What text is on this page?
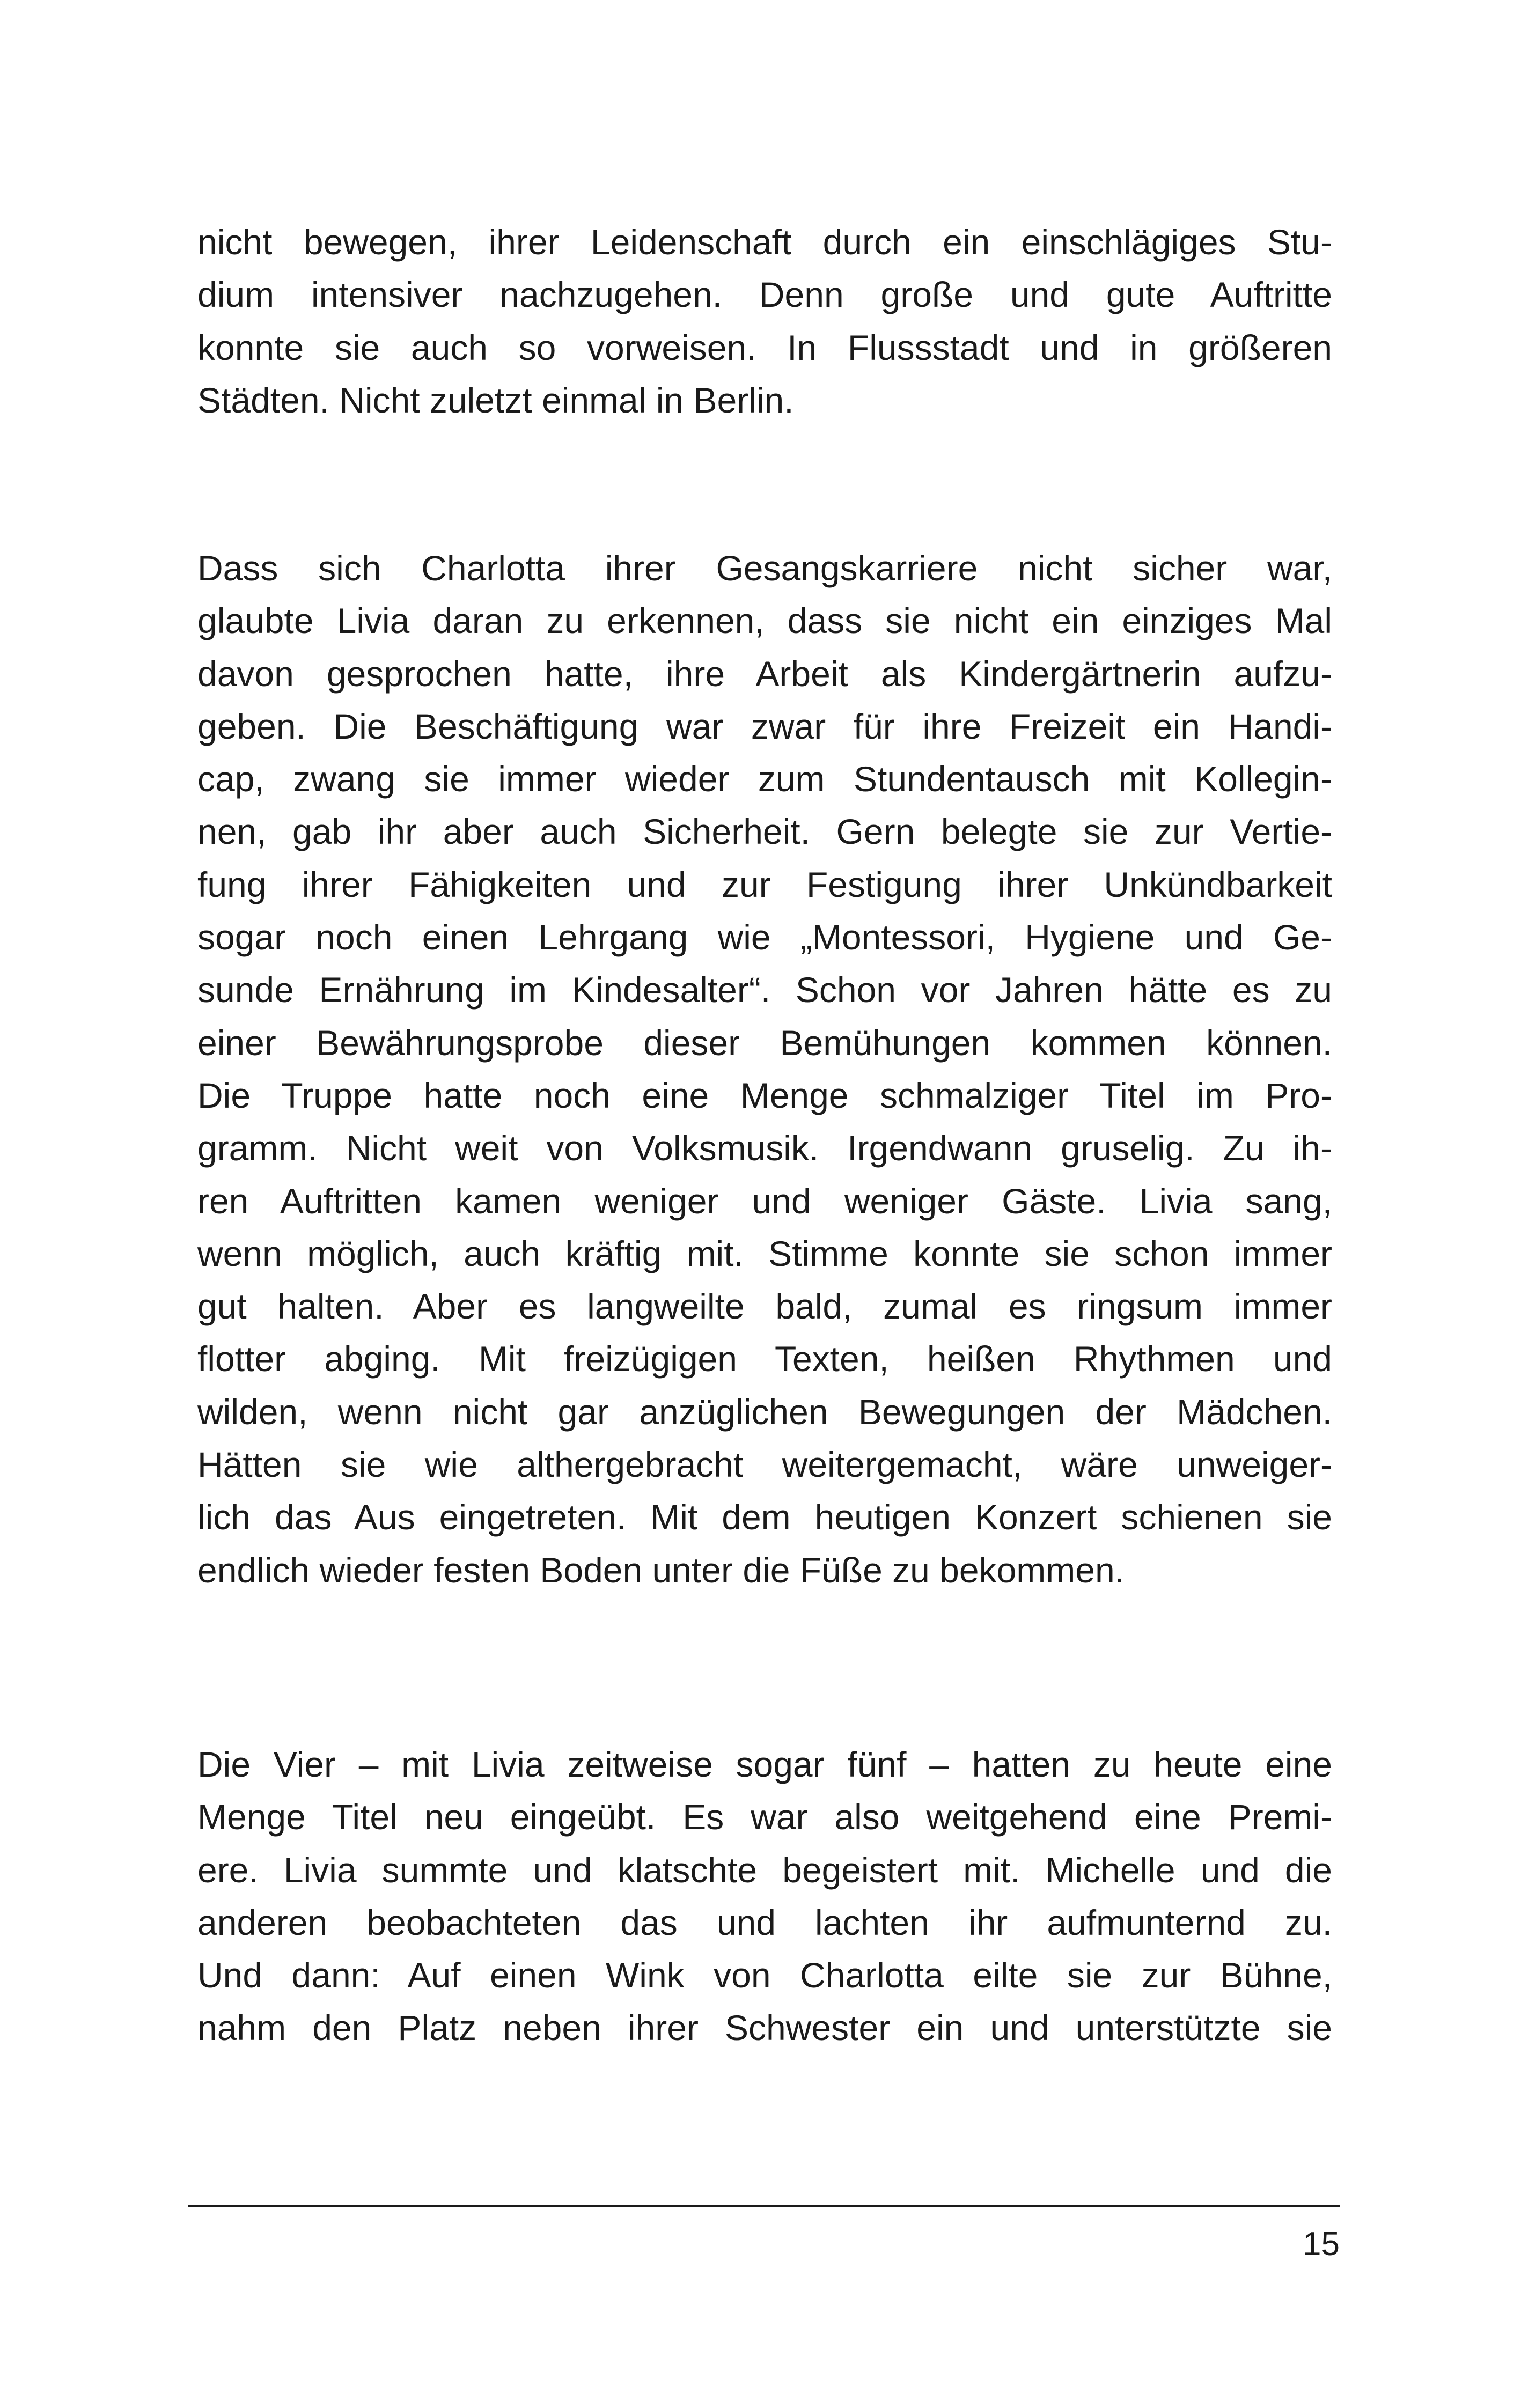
nicht bewegen, ihrer Leidenschaft durch ein einschlägiges Stu-
dium intensiver nachzugehen. Denn große und gute Auftritte
konnte sie auch so vorweisen. In Flussstadt und in größeren
Städten. Nicht zuletzt einmal in Berlin.

Dass sich Charlotta ihrer Gesangskarriere nicht sicher war,
glaubte Livia daran zu erkennen, dass sie nicht ein einziges Mal
davon gesprochen hatte, ihre Arbeit als Kindergärtnerin aufzu-
geben. Die Beschäftigung war zwar für ihre Freizeit ein Handi-
cap, zwang sie immer wieder zum Stundentausch mit Kollegin-
nen, gab ihr aber auch Sicherheit. Gern belegte sie zur Vertie-
fung ihrer Fähigkeiten und zur Festigung ihrer Unkündbarkeit
sogar noch einen Lehrgang wie „Montessori, Hygiene und Ge-
sunde Ernährung im Kindesalter“. Schon vor Jahren hätte es zu
einer Bewährungsprobe dieser Bemühungen kommen können.
Die Truppe hatte noch eine Menge schmalziger Titel im Pro-
gramm. Nicht weit von Volksmusik. Irgendwann gruselig. Zu ih-
ren Auftritten kamen weniger und weniger Gäste. Livia sang,
wenn möglich, auch kräftig mit. Stimme konnte sie schon immer
gut halten. Aber es langweilte bald, zumal es ringsum immer
flotter abging. Mit freizügigen Texten, heißen Rhythmen und
wilden, wenn nicht gar anzüglichen Bewegungen der Mädchen.
Hätten sie wie althergebracht weitergemacht, wäre unweiger-
lich das Aus eingetreten. Mit dem heutigen Konzert schienen sie
endlich wieder festen Boden unter die Füße zu bekommen.

Die Vier – mit Livia zeitweise sogar fünf – hatten zu heute eine
Menge Titel neu eingeübt. Es war also weitgehend eine Premi-
ere. Livia summte und klatschte begeistert mit. Michelle und die
anderen beobachteten das und lachten ihr aufmunternd zu.
Und dann: Auf einen Wink von Charlotta eilte sie zur Bühne,
nahm den Platz neben ihrer Schwester ein und unterstützte sie

15
